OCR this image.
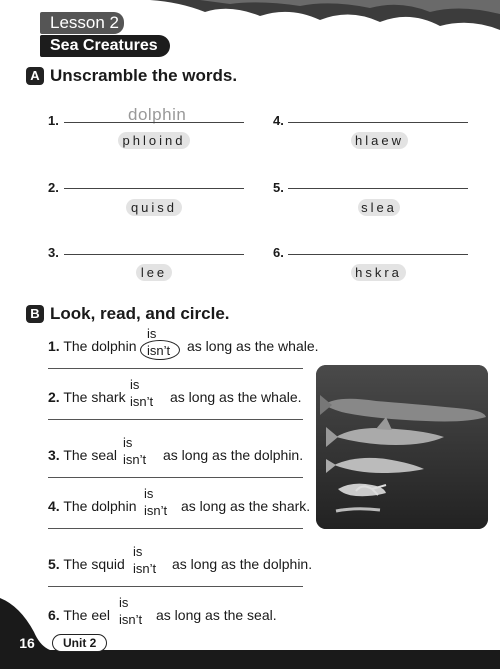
Lesson 2
Sea Creatures
A Unscramble the words.
1.	dolphin
phloind
2.
quisd
3.
lee
4.
hlaew
5.
slea
6.
hskra
B Look, read, and circle.
1. The dolphin
is
isn’t as long as the whale.
2. The shark
is
isn’t as long as the whale.
3. The seal
is
isn’t as long as the dolphin.
4. The dolphin
is
isn’t as long as the shark.
5. The squid
is
isn’t as long as the dolphin.
6. The eel
is
isn’t as long as the seal.
16	Unit 2
